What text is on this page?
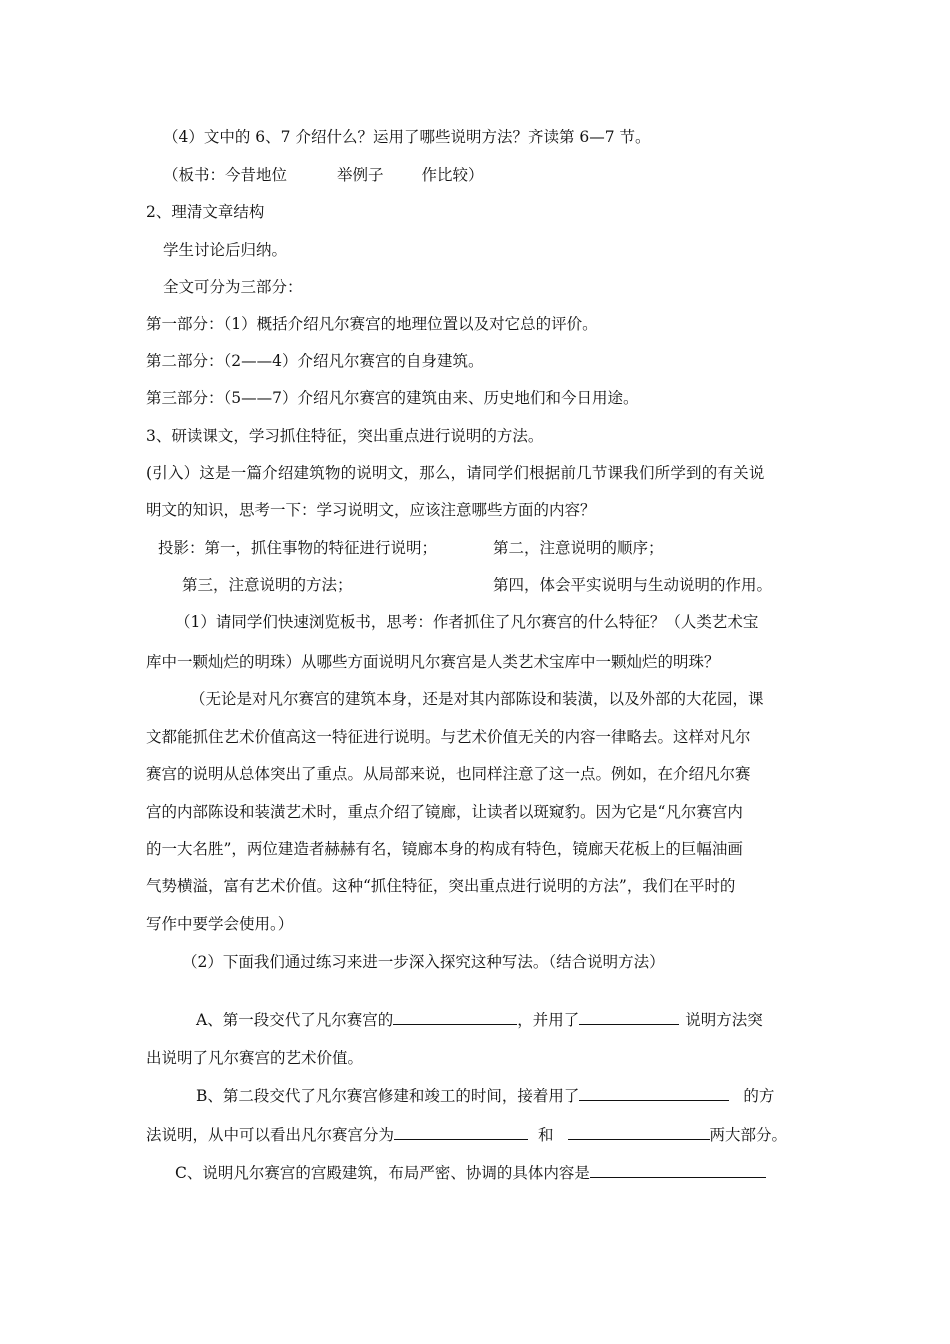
（4）文中的 6、7 介绍什么？运用了哪些说明方法？齐读第 6—7 节。
（板书：今昔地位	举例子 作比较）
2、理清文章结构
学生讨论后归纳。
全文可分为三部分：
第一部分：（1）概括介绍凡尔赛宫的地理位置以及对它总的评价。
第二部分：（2——4）介绍凡尔赛宫的自身建筑。
第三部分：（5——7）介绍凡尔赛宫的建筑由来、历史地们和今日用途。
3、研读课文，学习抓住特征，突出重点进行说明的方法。
(引入）这是一篇介绍建筑物的说明文，那么，请同学们根据前几节课我们所学到的有关说
明文的知识，思考一下：学习说明文，应该注意哪些方面的内容？
投影：第一，抓住事物的特征进行说明；	第二，注意说明的顺序；
第三，注意说明的方法；	第四，体会平实说明与生动说明的作用。
（1）请同学们快速浏览板书，思考：作者抓住了凡尔赛宫的什么特征？（人类艺术宝
库中一颗灿烂的明珠）从哪些方面说明凡尔赛宫是人类艺术宝库中一颗灿烂的明珠？
（无论是对凡尔赛宫的建筑本身，还是对其内部陈设和装潢，以及外部的大花园，课
文都能抓住艺术价值高这一特征进行说明。与艺术价值无关的内容一律略去。这样对凡尔
赛宫的说明从总体突出了重点。从局部来说，也同样注意了这一点。例如，在介绍凡尔赛
宫的内部陈设和装潢艺术时，重点介绍了镜廊，让读者以斑窥豹。因为它是“凡尔赛宫内
的一大名胜”，两位建造者赫赫有名，镜廊本身的构成有特色，镜廊天花板上的巨幅油画
气势横溢，富有艺术价值。这种“抓住特征，突出重点进行说明的方法”，我们在平时的
写作中要学会使用。）
（2）下面我们通过练习来进一步深入探究这种写法。（结合说明方法）
A、第一段交代了凡尔赛宫的	，并用了	说明方法突
出说明了凡尔赛宫的艺术价值。
B、第二段交代了凡尔赛宫修建和竣工的时间，接着用了	的方
法说明，从中可以看出凡尔赛宫分为	和	两大部分。
C、说明凡尔赛宫的宫殿建筑，布局严密、协调的具体内容是
